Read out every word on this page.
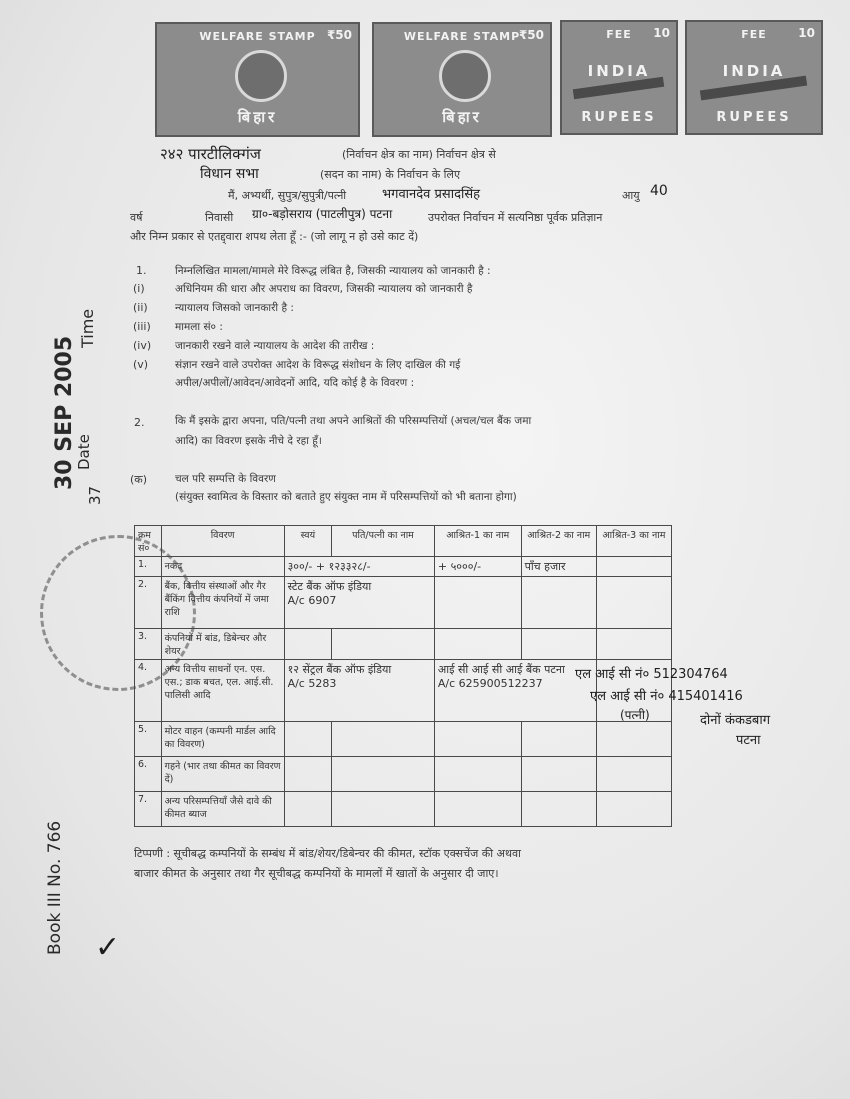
WELFARE STAMP ₹50
बिहार
WELFARE STAMP
₹50
बिहार
FEE	10
INDIA
RUPEES
FEE	10
INDIA
RUPEES
२४२ पारटीलिक्गंज	(निर्वाचन क्षेत्र का नाम) निर्वाचन क्षेत्र से
विधान सभा	(सदन का नाम) के निर्वाचन के लिए
मैं, अभ्यर्थी, सुपुत्र/सुपुत्री/पत्नी	भगवानदेव प्रसादसिंह	आयु 40
वर्ष	निवासी ग्रा०-बड़ोसराय (पाटलीपुत्र) पटना	उपरोक्त निर्वाचन में सत्यनिष्ठा पूर्वक प्रतिज्ञान
और निम्न प्रकार से एतद्द्वारा शपथ लेता हूँ :- (जो लागू न हो उसे काट दें)
1.	निम्नलिखित मामला/मामले मेरे विरूद्ध लंबित है, जिसकी न्यायालय को जानकारी है :
(i)	अधिनियम की धारा और अपराध का विवरण, जिसकी न्यायालय को जानकारी है
(ii)	न्यायालय जिसको जानकारी है :
(iii) मामला सं० :
(iv) जानकारी रखने वाले न्यायालय के आदेश की तारीख :
(v)	संज्ञान रखने वाले उपरोक्त आदेश के विरूद्ध संशोधन के लिए दाखिल की गई
अपील/अपीलों/आवेदन/आवेदनों आदि, यदि कोई है के विवरण :
2.	कि मैं इसके द्वारा अपना, पति/पत्नी तथा अपने आश्रितों की परिसम्पत्तियों (अचल/चल बैंक जमा
आदि) का विवरण इसके नीचे दे रहा हूँ।
(क)	चल परि सम्पत्ति के विवरण
(संयुक्त स्वामित्व के विस्तार को बताते हुए संयुक्त नाम में परिसम्पत्तियों को भी बताना होगा)
क्रम सं०	विवरण	स्वयं	पति/पत्नी का नाम	आश्रित-1 का नाम	आश्रित-2 का नाम	आश्रित-3 का नाम
1.	नकद	३००/- + १२३३२८/-		+ ५०००/-	पाँच हजार	
2.	बैंक, वित्तीय संस्थाओं और गैर बैंकिंग वित्तीय कंपनियों में जमा राशि	स्टेट बैंक ऑफ इंडिया
A/c 6907				
3.	कंपनियों में बांड, डिबेन्चर और शेयर					
4.	अन्य वित्तीय साधनों एन. एस. एस.; डाक बचत, एल. आई.सी. पालिसी आदि	१२ सेंट्रल बैंक ऑफ इंडिया
A/c 5283		आई सी आई सी आई बैंक पटना
A/c 625900512237		
5.	मोटर वाहन (कम्पनी मार्डल आदि का विवरण)					
6.	गहने (भार तथा कीमत का विवरण दें)					
7.	अन्य परिसम्पत्तियाँ जैसे दावे की कीमत ब्याज					
एल आई सी नं० 512304764
एल आई सी नं० 415401416
(पत्नी)	दोनों कंकडबाग
पटना
टिप्पणी : सूचीबद्ध कम्पनियों के सम्बंध में बांड/शेयर/डिबेन्चर की कीमत, स्टॉक एक्सचेंज की अथवा
बाजार कीमत के अनुसार तथा गैर सूचीबद्ध कम्पनियों के मामलों में खातों के अनुसार दी जाए।
30 SEP 2005
Time
Date
37
Book III No. 766 ✓
